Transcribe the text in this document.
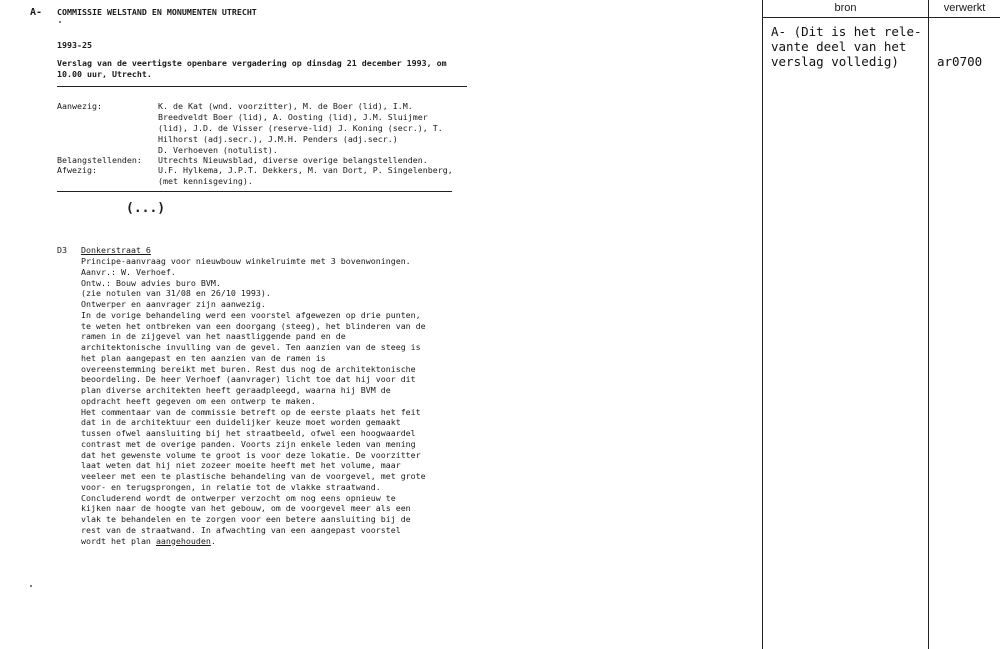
A- COMMISSIE WELSTAND EN MONUMENTEN UTRECHT
1993-25
Verslag van de veertigste openbare vergadering op dinsdag 21 december 1993, om
10.00 uur, Utrecht.
Aanwezig:	K. de Kat (wnd. voorzitter), M. de Boer (lid), I.M.
Breedveldt Boer (lid), A. Oosting (lid), J.M. Sluijmer
(lid), J.D. de Visser (reserve-lid) J. Koning (secr.), T.
Hilhorst (adj.secr.), J.M.H. Penders (adj.secr.)
D. Verhoeven (notulist).
Belangstellenden: Utrechts Nieuwsblad, diverse overige belangstellenden.
Afwezig:	U.F. Hylkema, J.P.T. Dekkers, M. van Dort, P. Singelenberg,
(met kennisgeving).
(...)
D3 Donkerstraat 6
Principe-aanvraag voor nieuwbouw winkelruimte met 3 bovenwoningen.
Aanvr.: W. Verhoef.
Ontw.: Bouw advies buro BVM.
(zie notulen van 31/08 en 26/10 1993).
Ontwerper en aanvrager zijn aanwezig.
In de vorige behandeling werd een voorstel afgewezen op drie punten,
te weten het ontbreken van een doorgang (steeg), het blinderen van de
ramen in de zijgevel van het naastliggende pand en de
architektonische invulling van de gevel. Ten aanzien van de steeg is
het plan aangepast en ten aanzien van de ramen is
overeenstemming bereikt met buren. Rest dus nog de architektonische
beoordeling. De heer Verhoef (aanvrager) licht toe dat hij voor dit
plan diverse architekten heeft geraadpleegd, waarna hij BVM de
opdracht heeft gegeven om een ontwerp te maken.
Het commentaar van de commissie betreft op de eerste plaats het feit
dat in de architektuur een duidelijker keuze moet worden gemaakt
tussen ofwel aansluiting bij het straatbeeld, ofwel een hoogwaardel
contrast met de overige panden. Voorts zijn enkele leden van mening
dat het gewenste volume te groot is voor deze lokatie. De voorzitter
laat weten dat hij niet zozeer moeite heeft met het volume, maar
veeleer met een te plastische behandeling van de voorgevel, met grote
voor- en terugsprongen, in relatie tot de vlakke straatwand.
Concluderend wordt de ontwerper verzocht om nog eens opnieuw te
kijken naar de hoogte van het gebouw, om de voorgevel meer als een
vlak te behandelen en te zorgen voor een betere aansluiting bij de
rest van de straatwand. In afwachting van een aangepast voorstel
wordt het plan aangehouden.
bron	verwerkt
A- (Dit is het rele-
vante deel van het
verslag volledig)	ar0700
